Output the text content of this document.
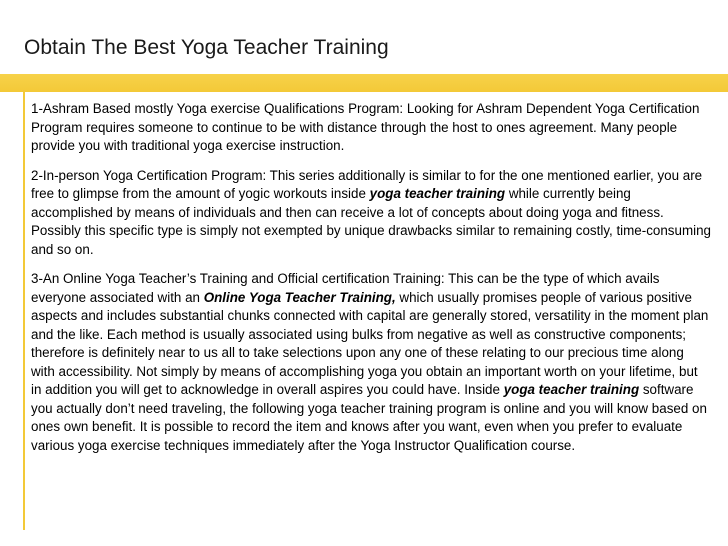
Obtain The Best Yoga Teacher Training

1-Ashram Based mostly Yoga exercise Qualifications Program: Looking for Ashram Dependent Yoga Certification Program requires someone to continue to be with distance through the host to ones agreement. Many people provide you with traditional yoga exercise instruction.

2-In-person Yoga Certification Program: This series additionally is similar to for the one mentioned earlier, you are free to glimpse from the amount of yogic workouts inside yoga teacher training while currently being accomplished by means of individuals and then can receive a lot of concepts about doing yoga and fitness. Possibly this specific type is simply not exempted by unique drawbacks similar to remaining costly, time-consuming and so on.

3-An Online Yoga Teacher’s Training and Official certification Training: This can be the type of which avails everyone associated with an Online Yoga Teacher Training, which usually promises people of various positive aspects and includes substantial chunks connected with capital are generally stored, versatility in the moment plan and the like. Each method is usually associated using bulks from negative as well as constructive components; therefore is definitely near to us all to take selections upon any one of these relating to our precious time along with accessibility. Not simply by means of accomplishing yoga you obtain an important worth on your lifetime, but in addition you will get to acknowledge in overall aspires you could have. Inside yoga teacher training software you actually don’t need traveling, the following yoga teacher training program is online and you will know based on ones own benefit. It is possible to record the item and knows after you want, even when you prefer to evaluate various yoga exercise techniques immediately after the Yoga Instructor Qualification course.
